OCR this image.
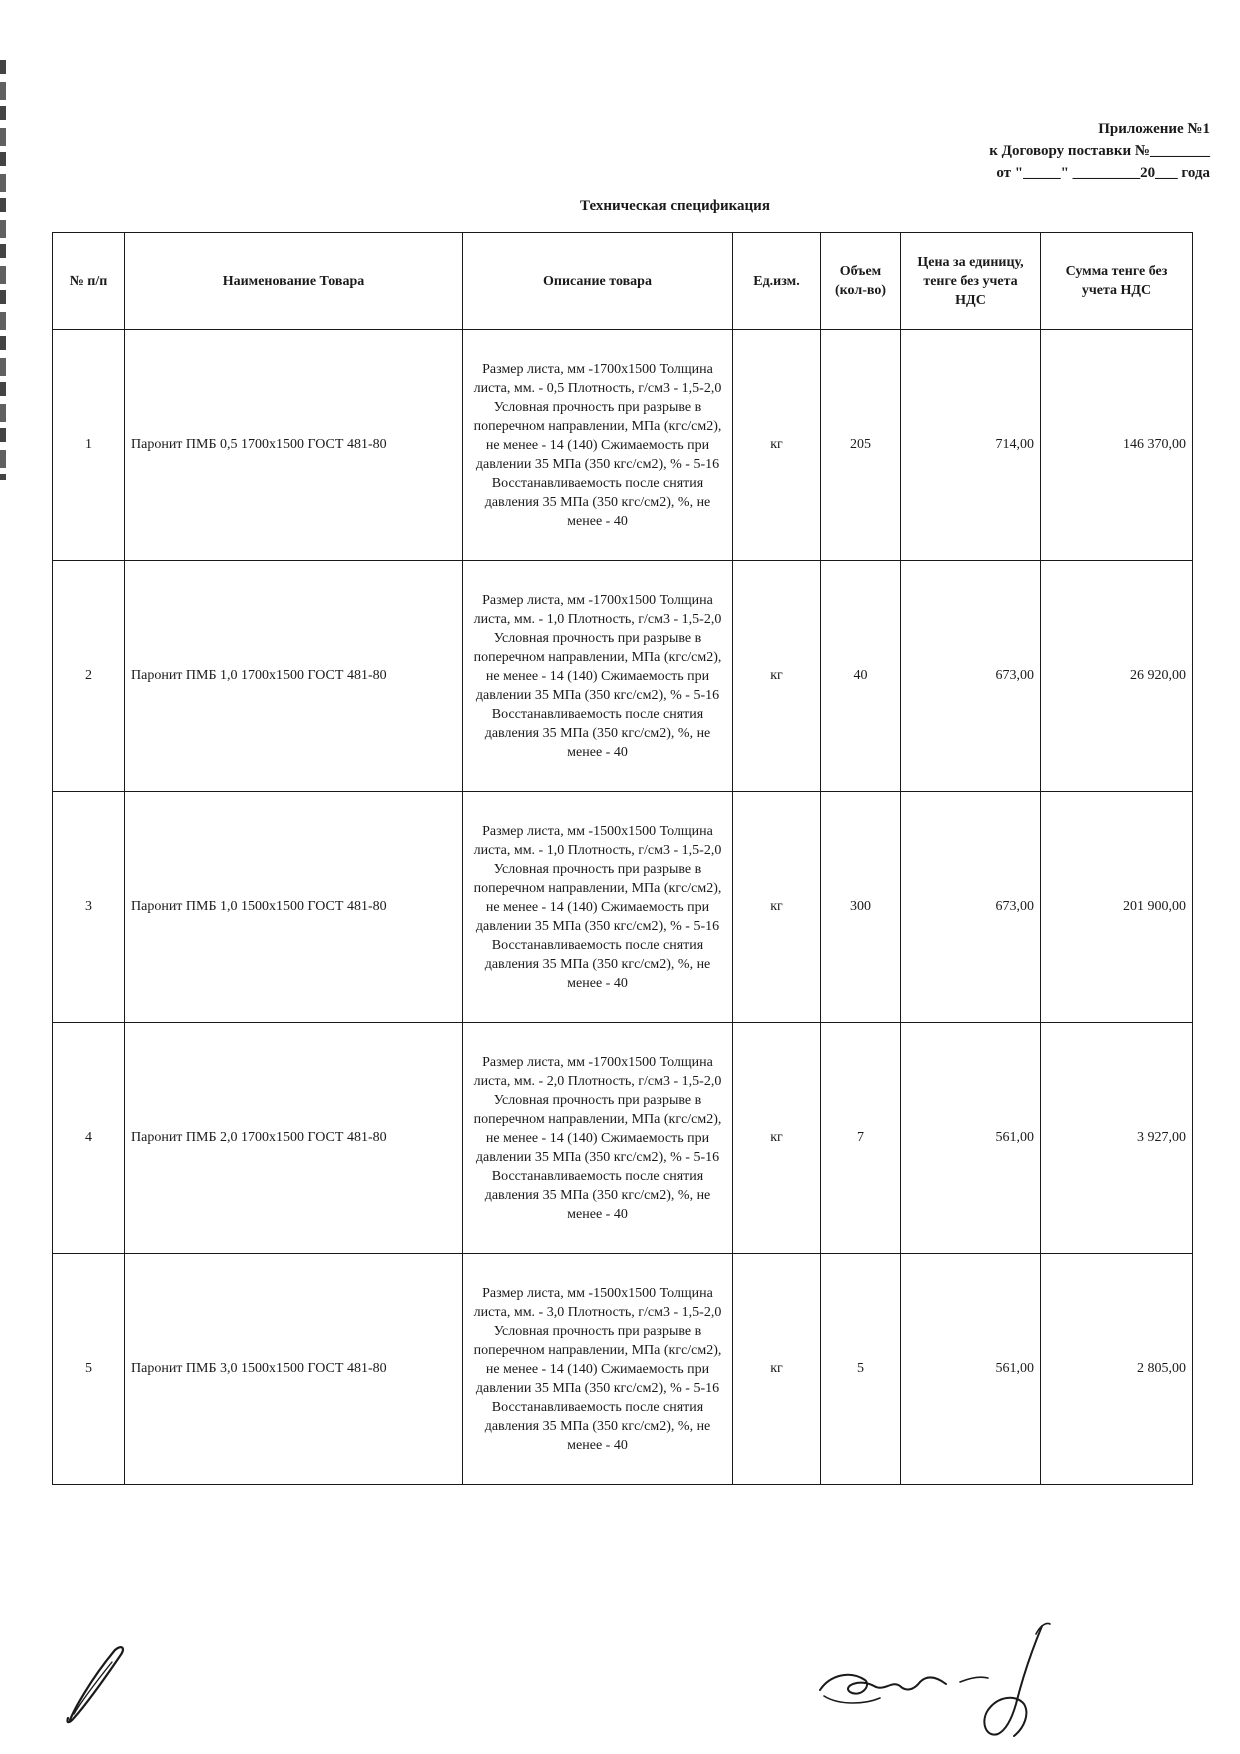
Приложение №1
к Договору поставки №________
от "_____" _________20___ года
Техническая спецификация
№ п/п	Наименование Товара	Описание товара	Ед.изм.	Объем (кол-во)	Цена за единицу, тенге без учета НДС	Сумма тенге без учета НДС
1	Паронит ПМБ 0,5 1700х1500 ГОСТ 481-80	Размер листа, мм -1700х1500 Толщина листа, мм. - 0,5 Плотность, г/см3 - 1,5-2,0 Условная прочность при разрыве в поперечном направлении, МПа (кгс/см2), не менее - 14 (140) Сжимаемость при давлении 35 МПа (350 кгс/см2), % - 5-16 Восстанавливаемость после снятия давления 35 МПа (350 кгс/см2), %, не менее - 40	кг	205	714,00	146 370,00
2	Паронит ПМБ 1,0 1700х1500 ГОСТ 481-80	Размер листа, мм -1700х1500 Толщина листа, мм. - 1,0 Плотность, г/см3 - 1,5-2,0 Условная прочность при разрыве в поперечном направлении, МПа (кгс/см2), не менее - 14 (140) Сжимаемость при давлении 35 МПа (350 кгс/см2), % - 5-16 Восстанавливаемость после снятия давления 35 МПа (350 кгс/см2), %, не менее - 40	кг	40	673,00	26 920,00
3	Паронит ПМБ 1,0 1500х1500 ГОСТ 481-80	Размер листа, мм -1500х1500 Толщина листа, мм. - 1,0 Плотность, г/см3 - 1,5-2,0 Условная прочность при разрыве в поперечном направлении, МПа (кгс/см2), не менее - 14 (140) Сжимаемость при давлении 35 МПа (350 кгс/см2), % - 5-16 Восстанавливаемость после снятия давления 35 МПа (350 кгс/см2), %, не менее - 40	кг	300	673,00	201 900,00
4	Паронит ПМБ 2,0 1700х1500 ГОСТ 481-80	Размер листа, мм -1700х1500 Толщина листа, мм. - 2,0 Плотность, г/см3 - 1,5-2,0 Условная прочность при разрыве в поперечном направлении, МПа (кгс/см2), не менее - 14 (140) Сжимаемость при давлении 35 МПа (350 кгс/см2), % - 5-16 Восстанавливаемость после снятия давления 35 МПа (350 кгс/см2), %, не менее - 40	кг	7	561,00	3 927,00
5	Паронит ПМБ 3,0 1500х1500 ГОСТ 481-80	Размер листа, мм -1500х1500 Толщина листа, мм. - 3,0 Плотность, г/см3 - 1,5-2,0 Условная прочность при разрыве в поперечном направлении, МПа (кгс/см2), не менее - 14 (140) Сжимаемость при давлении 35 МПа (350 кгс/см2), % - 5-16 Восстанавливаемость после снятия давления 35 МПа (350 кгс/см2), %, не менее - 40	кг	5	561,00	2 805,00
